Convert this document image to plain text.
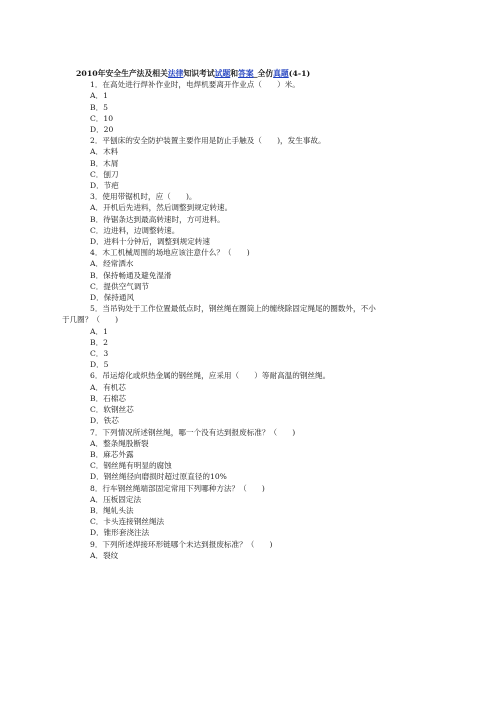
2010年安全生产法及相关法律知识考试试题和答案_全仿真题(4-1)
1．在高处进行焊补作业时，电焊机要离开作业点（　　）米。
A．1
B．5
C．10
D．20
2．平刨床的安全防护装置主要作用是防止手触及（　　)，发生事故。
A．木料
B．木屑
C．刨刀
D．节疤
3．使用带锯机时，应（　　)。
A．开机后先进料，然后调整到规定转速。
B．待锯条达到最高转速时，方可进料。
C．边进料，边调整转速。
D．进料十分钟后，调整到规定转速
4．木工机械周围的场地应该注意什么？（　　)
A．经常洒水
B．保持畅通及避免湿滑
C．提供空气调节
D．保持通风
5．当吊钩处于工作位置最低点时，钢丝绳在圈筒上的缠绕除固定绳尾的圈数外，不小
于几圈？（　　)
A．1
B．2
C．3
D．5
6．吊运熔化或炽热金属的钢丝绳，应采用（　　）等耐高温的钢丝绳。
A．有机芯
B．石棉芯
C．软钢丝芯
D．铁芯
7．下列情况所述钢丝绳，哪一个没有达到报废标准？（　　)
A．整条绳股断裂
B．麻芯外露
C．钢丝绳有明显的腐蚀
D．钢丝绳径向磨损时超过原直径的10%
8．行车钢丝绳端部固定常用下列哪种方法？（　　)
A．压板固定法
B．绳轧头法
C．卡头连接钢丝绳法
D．锥形套浇注法
9．下列所述焊接环形链哪个未达到报废标准？（　　)
A．裂纹
